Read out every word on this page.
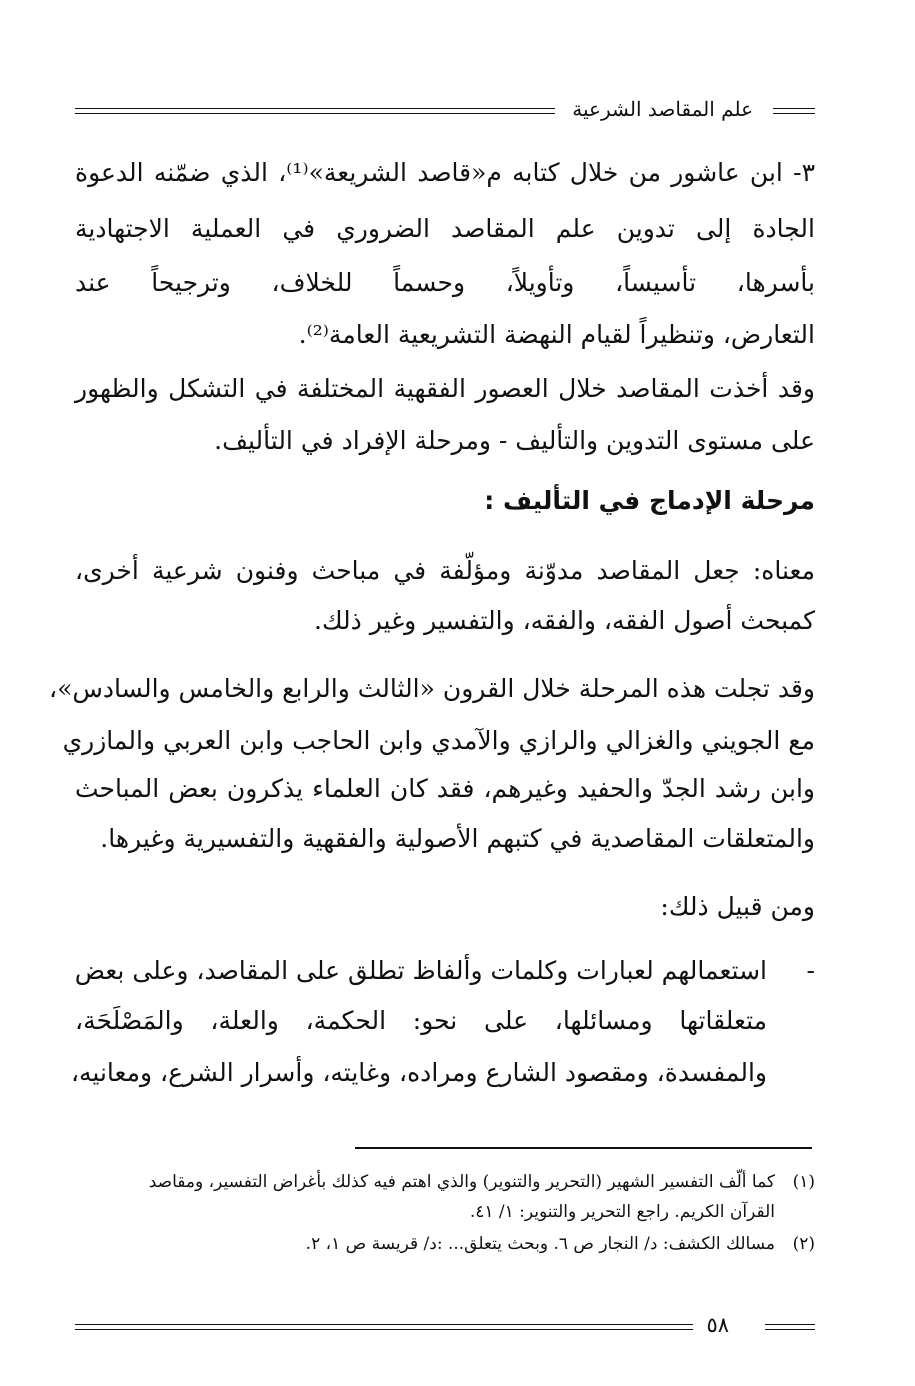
علم المقاصد الشرعية
٣- ابن عاشور من خلال كتابه م«قاصد الشريعة»⁽¹⁾، الذي ضمّنه الدعوة
الجادة إلى تدوين علم المقاصد الضروري في العملية الاجتهادية
بأسرها، تأسيساً، وتأويلاً، وحسماً للخلاف، وترجيحاً عند
التعارض، وتنظيراً لقيام النهضة التشريعية العامة⁽²⁾.
وقد أخذت المقاصد خلال العصور الفقهية المختلفة في التشكل والظهور
على مستوى التدوين والتأليف - ومرحلة الإفراد في التأليف.
مرحلة الإدماج في التأليف :
معناه: جعل المقاصد مدوّنة ومؤلّفة في مباحث وفنون شرعية أخرى،
كمبحث أصول الفقه، والفقه، والتفسير وغير ذلك.
وقد تجلت هذه المرحلة خلال القرون «الثالث والرابع والخامس والسادس»،
مع الجويني والغزالي والرازي والآمدي وابن الحاجب وابن العربي والمازري
وابن رشد الجدّ والحفيد وغيرهم، فقد كان العلماء يذكرون بعض المباحث
والمتعلقات المقاصدية في كتبهم الأصولية والفقهية والتفسيرية وغيرها.
ومن قبيل ذلك:
-
استعمالهم لعبارات وكلمات وألفاظ تطلق على المقاصد، وعلى بعض
متعلقاتها ومسائلها، على نحو: الحكمة، والعلة، والمَصْلَحَة،
والمفسدة، ومقصود الشارع ومراده، وغايته، وأسرار الشرع، ومعانيه،
(١)كما ألّف التفسير الشهير (التحرير والتنوير) والذي اهتم فيه كذلك بأغراض التفسير، ومقاصد
القرآن الكريم. راجع التحرير والتنوير: ١/ ٤١.
(٢)مسالك الكشف: د/ النجار ص ٦. وبحث يتعلق... :د/ قريسة ص ١، ٢.
٥٨
